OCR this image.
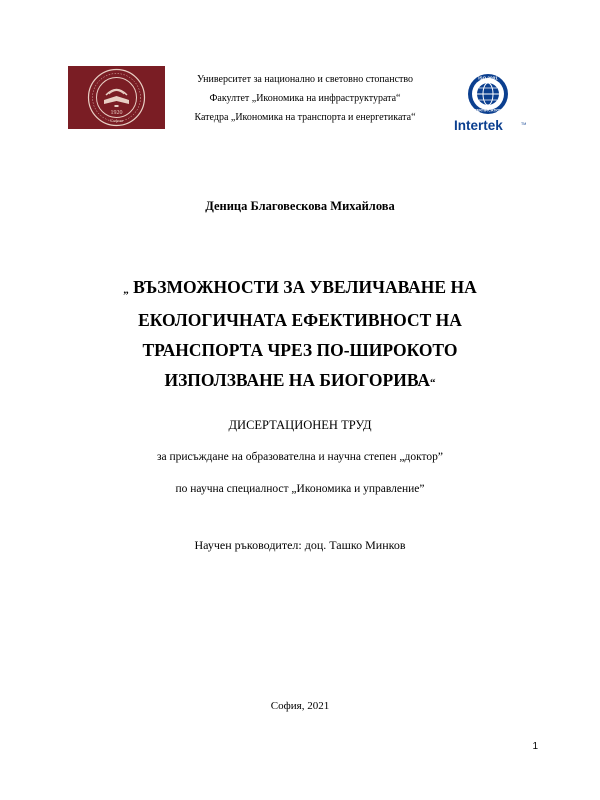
1920
София
Университет за национално и световно стопанство
Факултет „Икономика на инфраструктурата“
Катедра „Икономика на транспорта и енергетиката“
ISO 9001
CERTIFICATION
Intertek	TM
Деница Благовескова Михайлова
„ ВЪЗМОЖНОСТИ ЗА УВЕЛИЧАВАНЕ НА
ЕКОЛОГИЧНАТА ЕФЕКТИВНОСТ НА
ТРАНСПОРТА ЧРЕЗ ПО-ШИРОКОТО
ИЗПОЛЗВАНЕ НА БИОГОРИВА“
ДИСЕРТАЦИОНЕН ТРУД
за присъждане на образователна и научна степен „доктор”
по научна специалност „Икономика и управление”
Научен ръководител: доц. Ташко Минков
София, 2021
1
